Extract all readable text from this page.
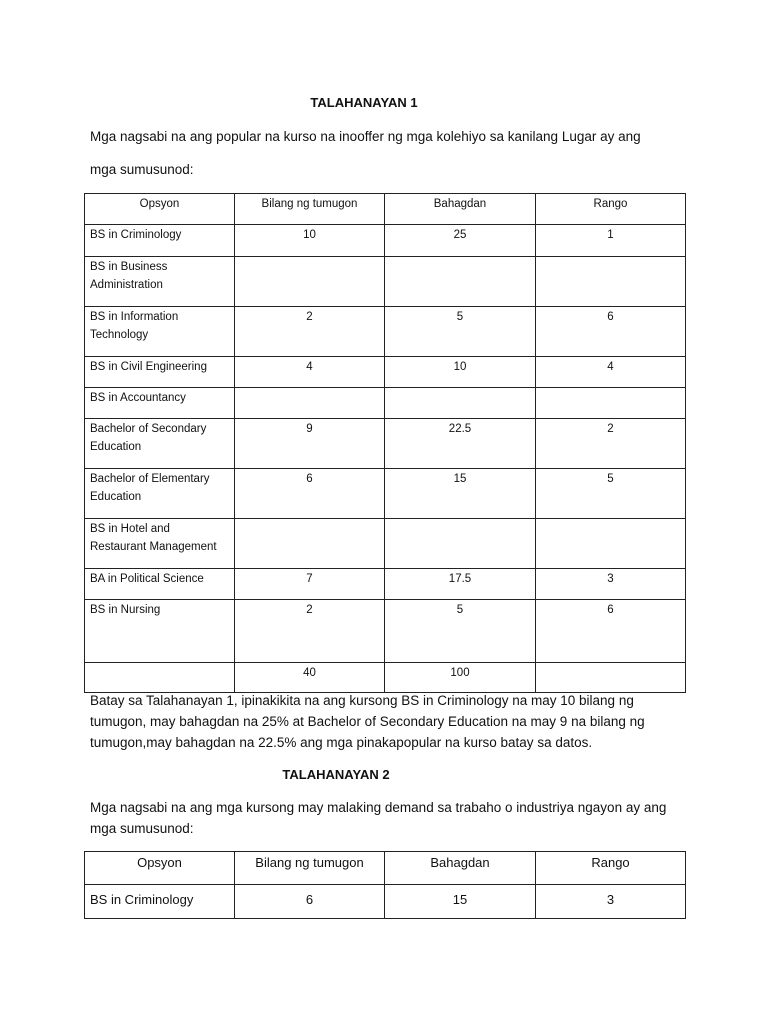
TALAHANAYAN 1
Mga nagsabi na ang popular na kurso na inooffer ng mga kolehiyo sa kanilang Lugar ay ang
mga sumusunod:
Opsyon	Bilang ng tumugon	Bahagdan	Rango
BS in Criminology	10	25	1
BS in Business Administration			
BS in Information Technology	2	5	6
BS in Civil Engineering	4	10	4
BS in Accountancy			
Bachelor of Secondary Education	9	22.5	2
Bachelor of Elementary Education	6	15	5
BS in Hotel and Restaurant Management			
BA in Political Science	7	17.5	3
BS in Nursing	2	5	6
	40	100	
Batay sa Talahanayan 1, ipinakikita na ang kursong BS in Criminology na may 10 bilang ng tumugon, may bahagdan na 25% at Bachelor of Secondary Education na may 9 na bilang ng tumugon,may bahagdan na 22.5% ang mga pinakapopular na kurso batay sa datos.
TALAHANAYAN 2
Mga nagsabi na ang mga kursong may malaking demand sa trabaho o industriya ngayon ay ang mga sumusunod:
Opsyon	Bilang ng tumugon	Bahagdan	Rango
BS in Criminology	6	15	3
